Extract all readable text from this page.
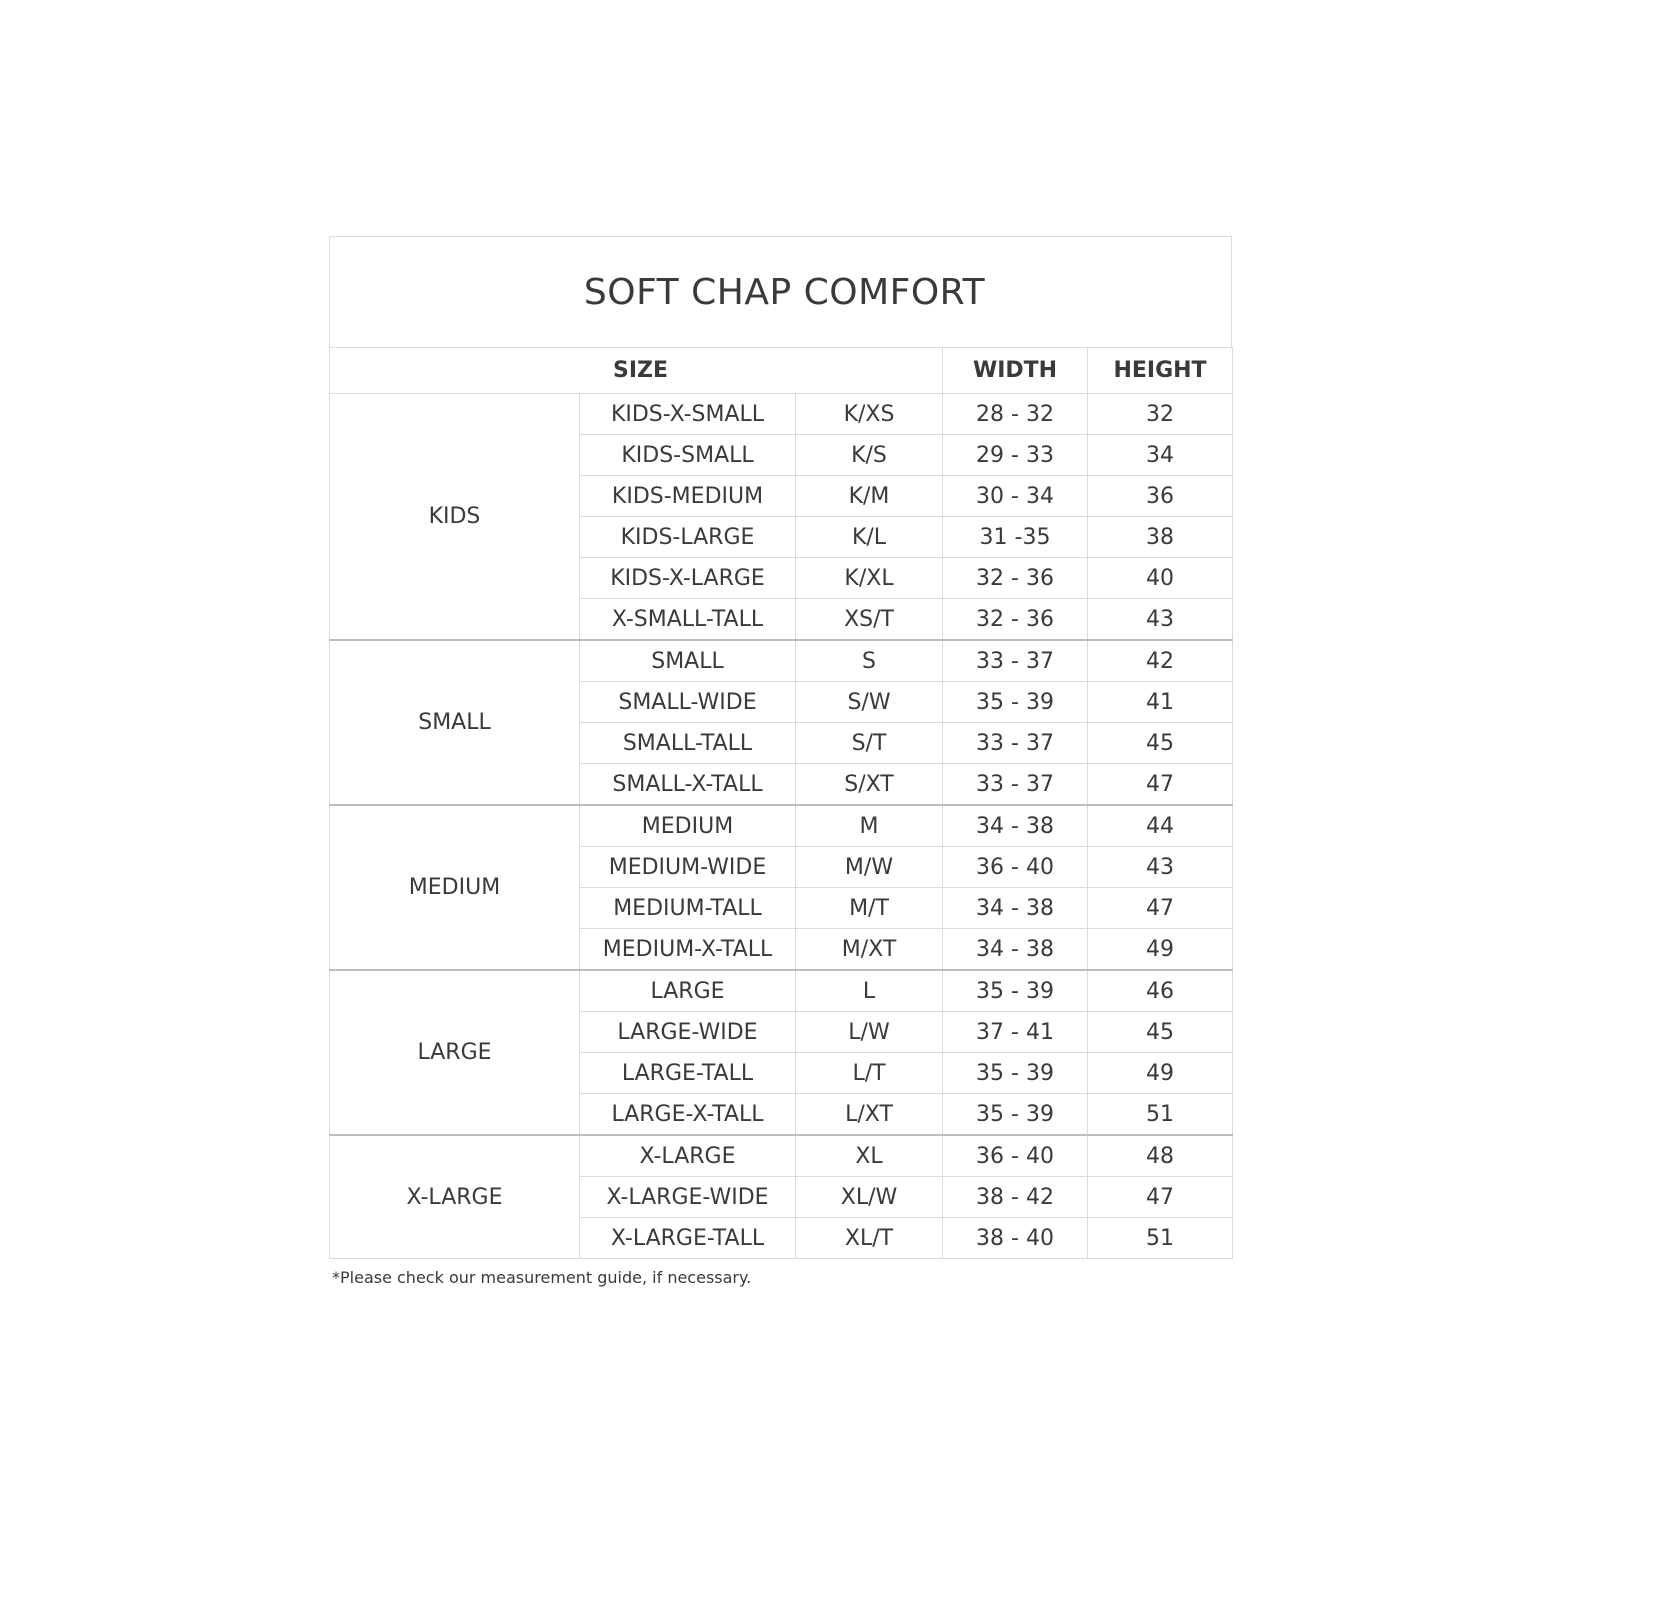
SOFT CHAP COMFORT
SIZE			WIDTH	HEIGHT
KIDS	KIDS-X-SMALL	K/XS	28 - 32	32
	KIDS-SMALL	K/S	29 - 33	34
	KIDS-MEDIUM	K/M	30 - 34	36
	KIDS-LARGE	K/L	31 -35	38
	KIDS-X-LARGE	K/XL	32 - 36	40
	X-SMALL-TALL	XS/T	32 - 36	43
SMALL	SMALL	S	33 - 37	42
	SMALL-WIDE	S/W	35 - 39	41
	SMALL-TALL	S/T	33 - 37	45
	SMALL-X-TALL	S/XT	33 - 37	47
MEDIUM	MEDIUM	M	34 - 38	44
	MEDIUM-WIDE	M/W	36 - 40	43
	MEDIUM-TALL	M/T	34 - 38	47
	MEDIUM-X-TALL	M/XT	34 - 38	49
LARGE	LARGE	L	35 - 39	46
	LARGE-WIDE	L/W	37 - 41	45
	LARGE-TALL	L/T	35 - 39	49
	LARGE-X-TALL	L/XT	35 - 39	51
X-LARGE	X-LARGE	XL	36 - 40	48
	X-LARGE-WIDE	XL/W	38 - 42	47
	X-LARGE-TALL	XL/T	38 - 40	51
*Please check our measurement guide, if necessary.
